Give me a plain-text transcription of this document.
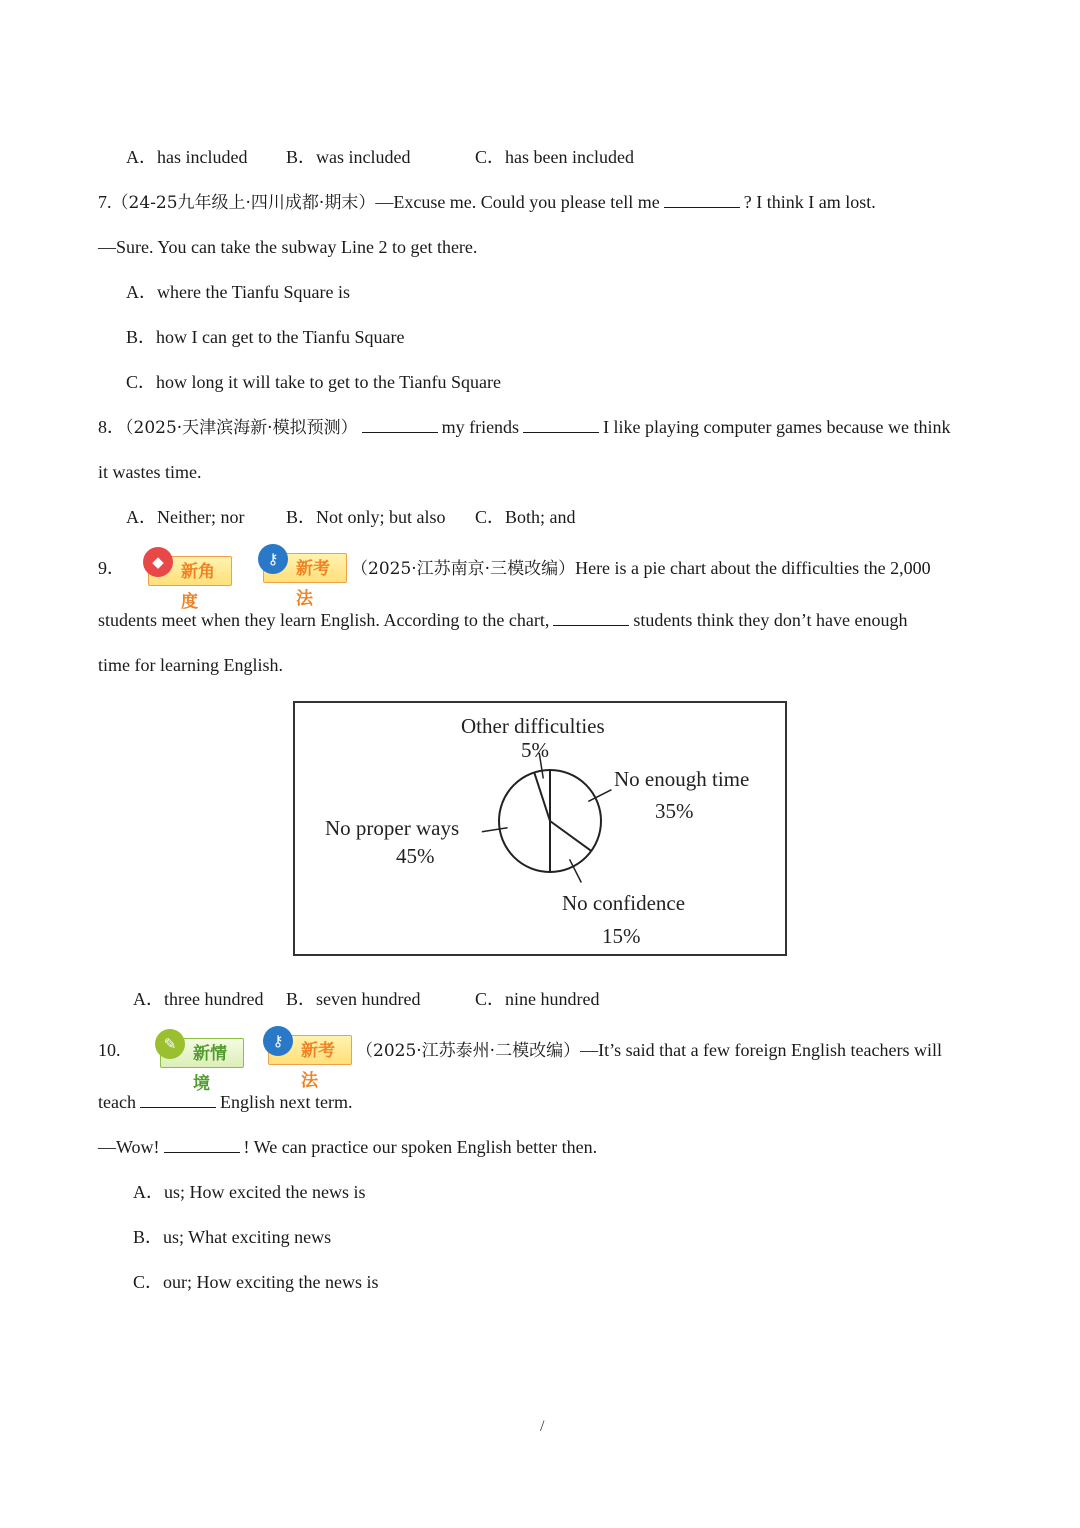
A．has included B．was included	C．has been included
7.（24-25九年级上·四川成都·期末）—Excuse me. Could you please tell me	? I think I am lost.
—Sure. You can take the subway Line 2 to get there.
A．where the Tianfu Square is
B．how I can get to the Tianfu Square
C．how long it will take to get to the Tianfu Square
8．（2025·天津滨海新·模拟预测）	my friends	I like playing computer games because we think
it wastes time.
A．Neither; nor B．Not only; but also C．Both; and
9．	◆	新角度
⚷	新考法
（2025·江苏南京·三模改编）Here is a pie chart about the difficulties the 2,000
students meet when they learn English. According to the chart,	students think they don’t have enough
time for learning English.
Other difficulties
5%
No enough time
35%
No confidence
15%
No proper ways
45%
A．three hundred B．seven hundred	C．nine hundred
10.	✎ 新情境
⚷	新考法
（2025·江苏泰州·二模改编）—It’s said that a few foreign English teachers will
teach	English next term.
—Wow!	! We can practice our spoken English better then.
A．us; How excited the news is
B．us; What exciting news
C．our; How exciting the news is
/
